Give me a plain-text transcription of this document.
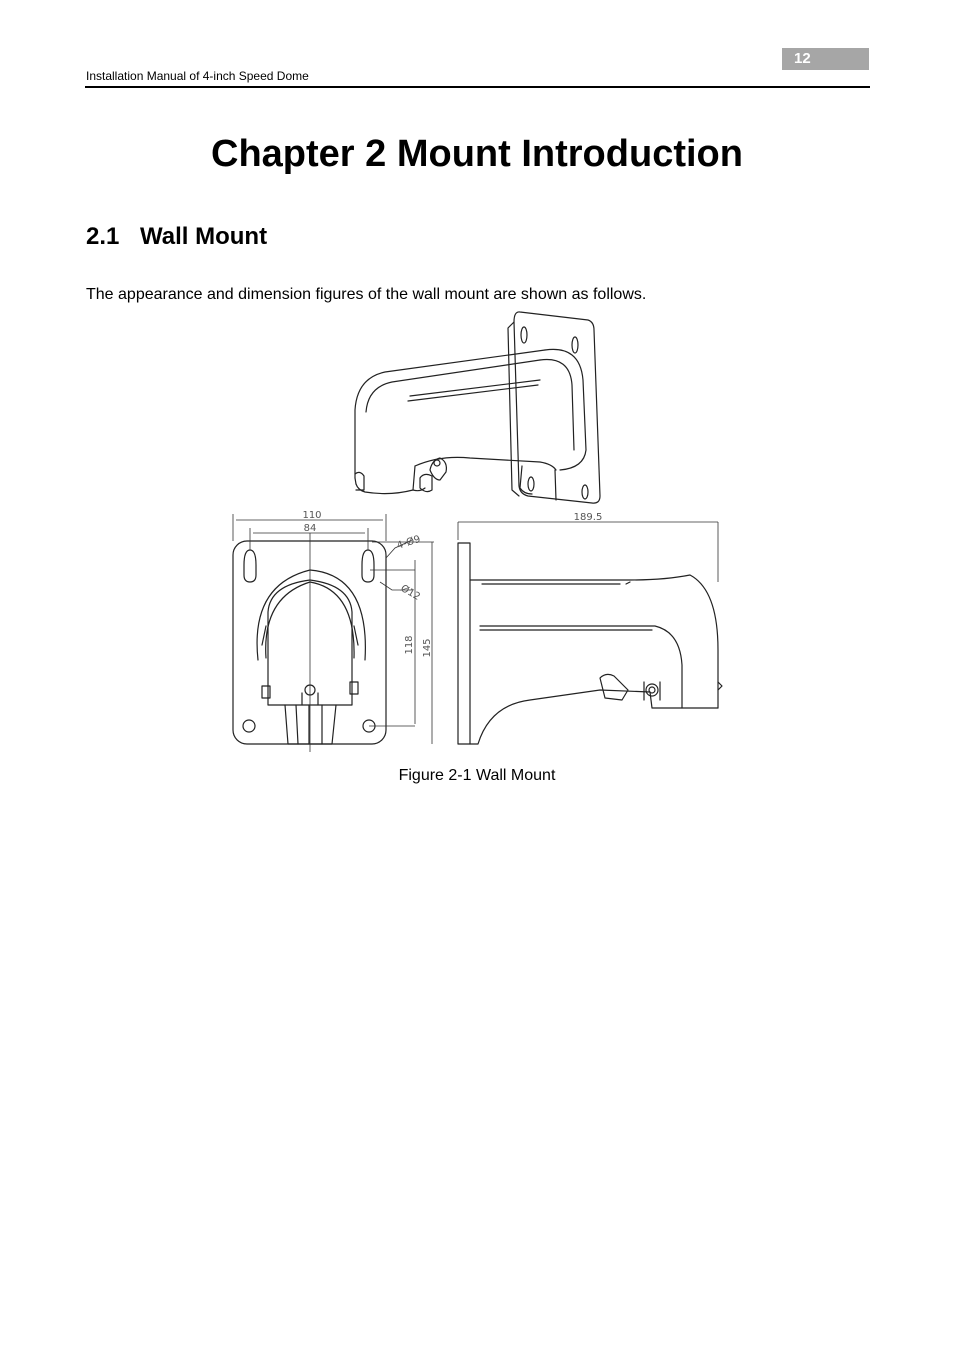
12
Installation Manual of 4-inch Speed Dome
Chapter 2 Mount Introduction
2.1 Wall Mount

The appearance and dimension figures of the wall mount are shown as follows.

110
84
4-Ø9
Ø12
118 145
189.5

Figure 2-1 Wall Mount
